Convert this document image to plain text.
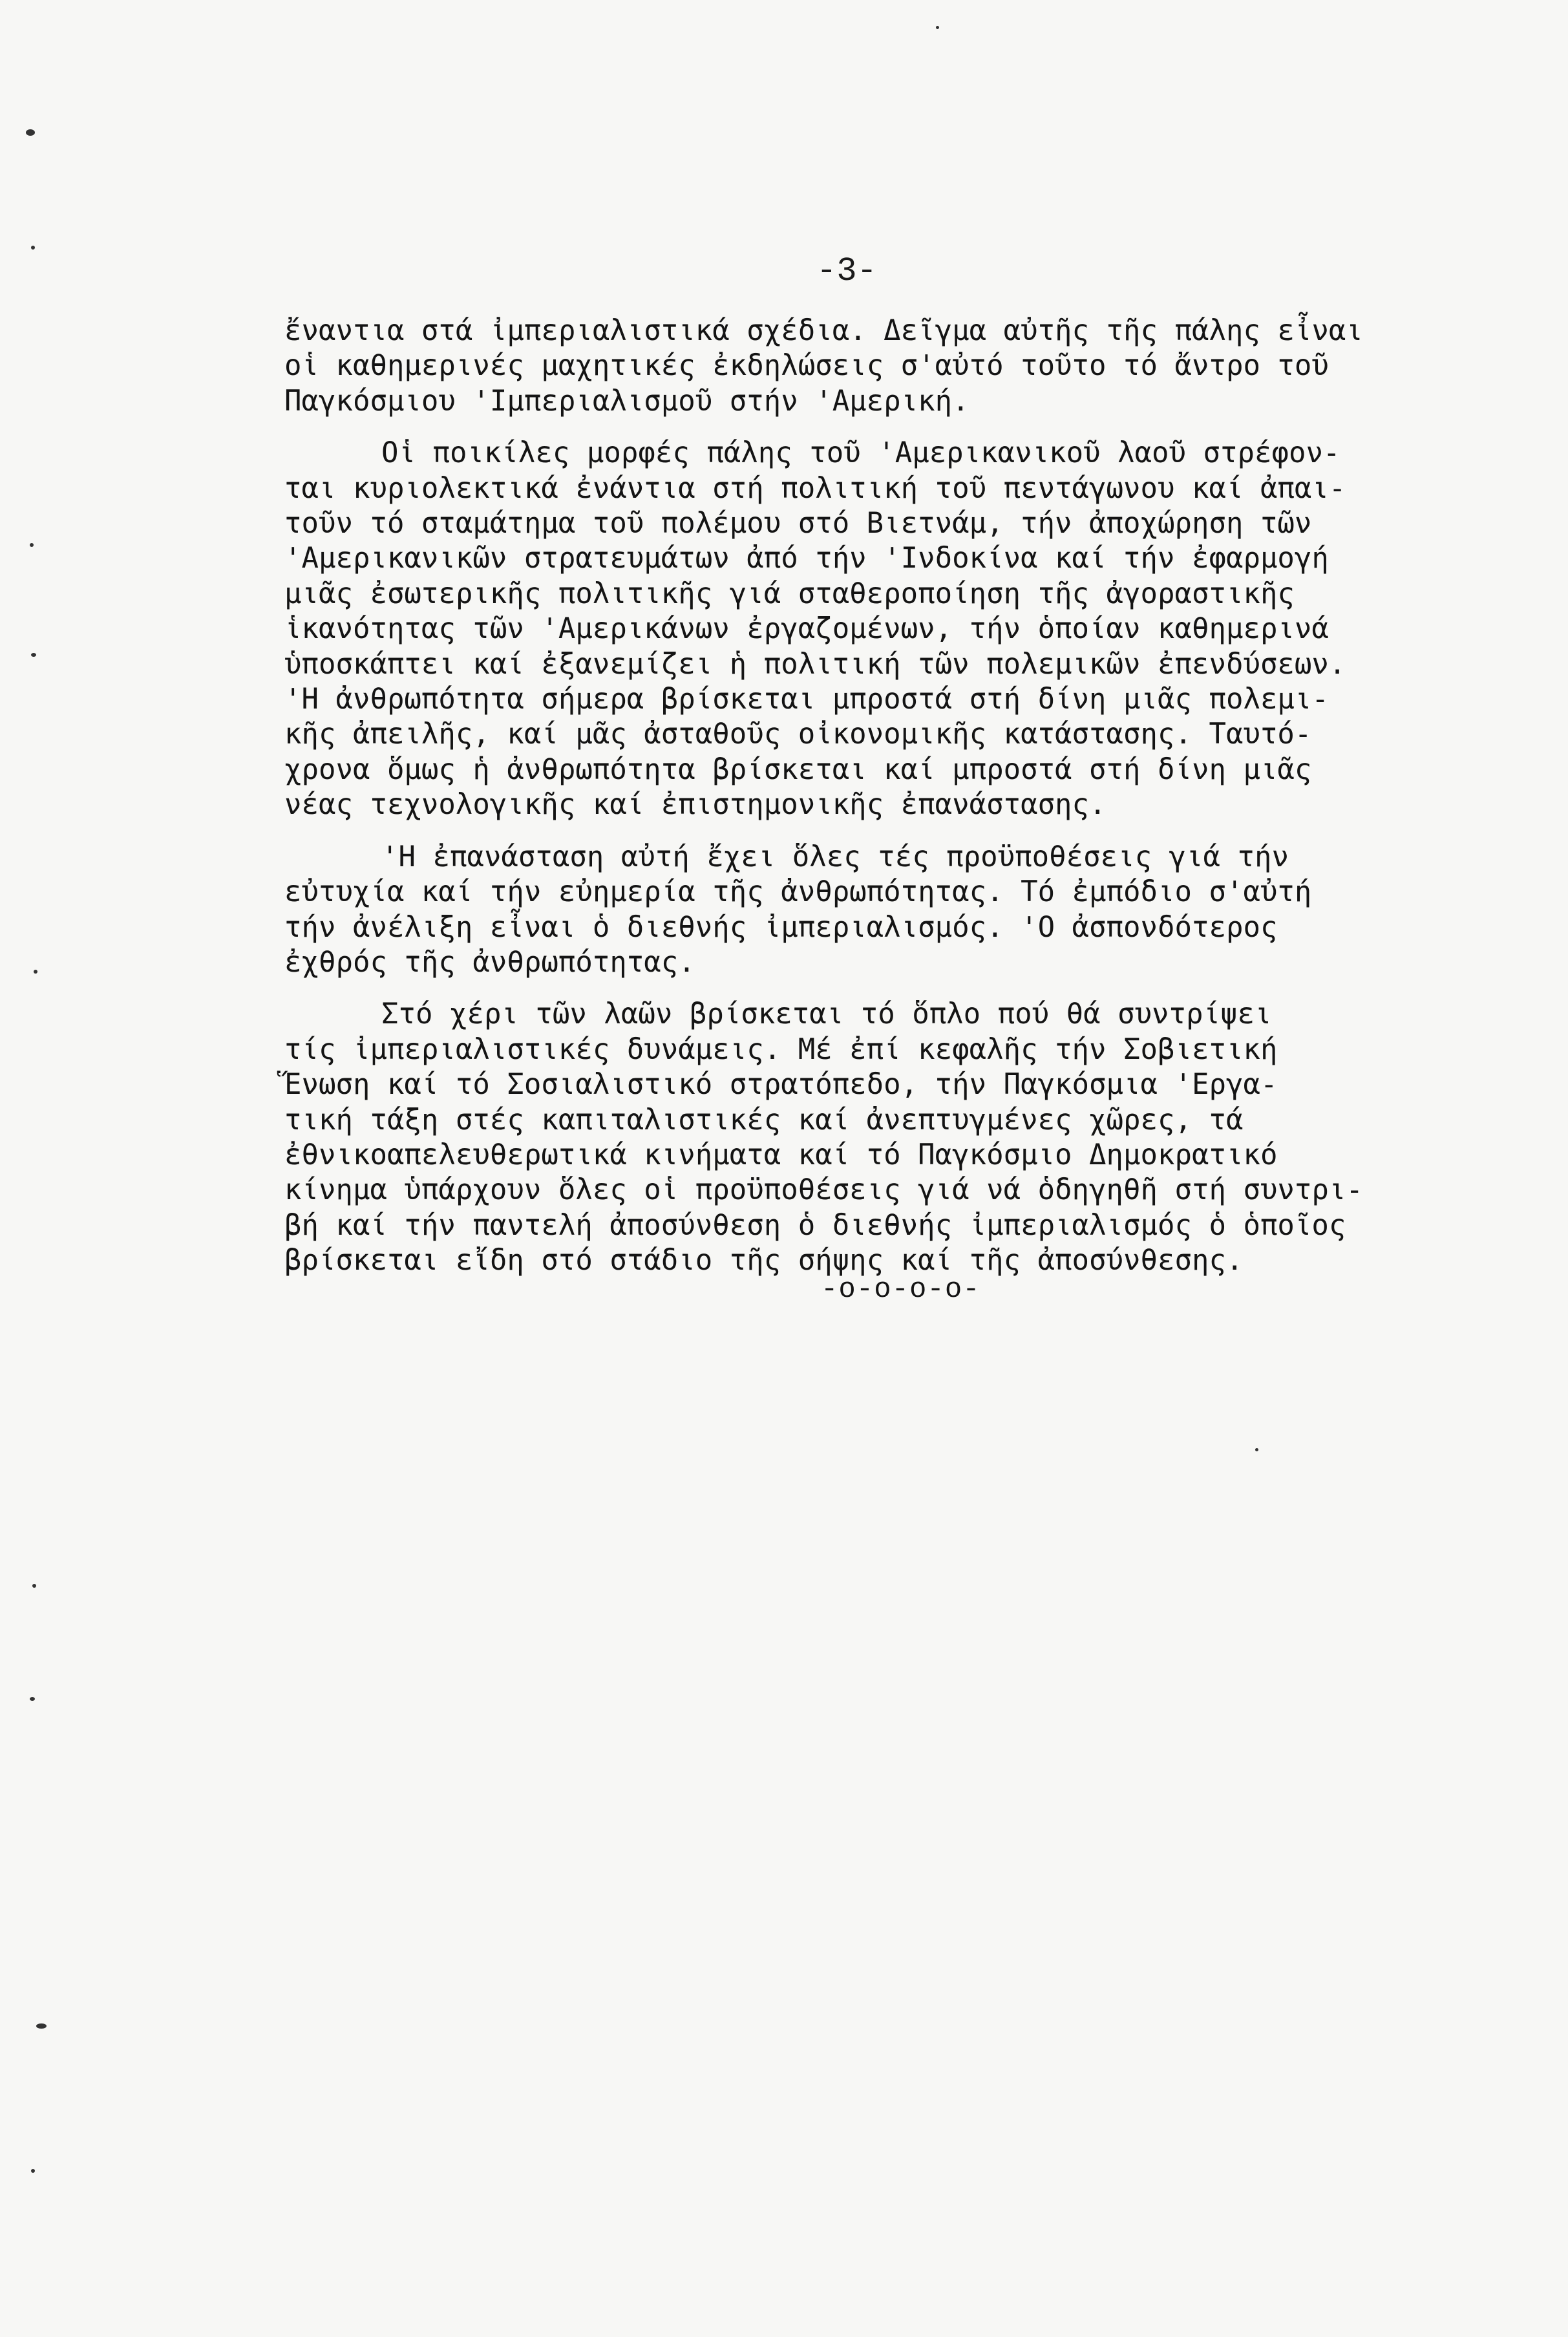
-3-
ἔναντια στά ἰμπεριαλιστικά σχέδια. Δεῖγμα αὐτῆς τῆς πάλης εἶναι
οἱ καθημερινές μαχητικές ἐκδηλώσεις σ'αὐτό τοῦτο τό ἄντρο τοῦ
Παγκόσμιου 'Ιμπεριαλισμοῦ στήν 'Αμερική.
Οἱ ποικίλες μορφές πάλης τοῦ 'Αμερικανικοῦ λαοῦ στρέφον-
ται κυριολεκτικά ἐνάντια στή πολιτική τοῦ πεντάγωνου καί ἀπαι-
τοῦν τό σταμάτημα τοῦ πολέμου στό Βιετνάμ, τήν ἀποχώρηση τῶν
'Αμερικανικῶν στρατευμάτων ἀπό τήν 'Ινδοκίνα καί τήν ἐφαρμογή
μιᾶς ἐσωτερικῆς πολιτικῆς γιά σταθεροποίηση τῆς ἀγοραστικῆς
ἱκανότητας τῶν 'Αμερικάνων ἐργαζομένων, τήν ὁποίαν καθημερινά
ὑποσκάπτει καί ἐξανεμίζει ἡ πολιτική τῶν πολεμικῶν ἐπενδύσεων.
'Η ἀνθρωπότητα σήμερα βρίσκεται μπροστά στή δίνη μιᾶς πολεμι-
κῆς ἀπειλῆς, καί μᾶς ἀσταθοῦς οἰκονομικῆς κατάστασης. Ταυτό-
χρονα ὅμως ἡ ἀνθρωπότητα βρίσκεται καί μπροστά στή δίνη μιᾶς
νέας τεχνολογικῆς καί ἐπιστημονικῆς ἐπανάστασης.
'Η ἐπανάσταση αὐτή ἔχει ὅλες τές προϋποθέσεις γιά τήν
εὐτυχία καί τήν εὐημερία τῆς ἀνθρωπότητας. Τό ἐμπόδιο σ'αὐτή
τήν ἀνέλιξη εἶναι ὁ διεθνής ἰμπεριαλισμός. 'Ο ἀσπονδότερος
ἐχθρός τῆς ἀνθρωπότητας.
Στό χέρι τῶν λαῶν βρίσκεται τό ὅπλο πού θά συντρίψει
τίς ἰμπεριαλιστικές δυνάμεις. Μέ ἐπί κεφαλῆς τήν Σοβιετική
Ἕνωση καί τό Σοσιαλιστικό στρατόπεδο, τήν Παγκόσμια 'Εργα-
τική τάξη στές καπιταλιστικές καί ἀνεπτυγμένες χῶρες, τά
ἐθνικοαπελευθερωτικά κινήματα καί τό Παγκόσμιο Δημοκρατικό
κίνημα ὑπάρχουν ὅλες οἱ προϋποθέσεις γιά νά ὁδηγηθῆ στή συντρι-
βή καί τήν παντελή ἀποσύνθεση ὁ διεθνής ἰμπεριαλισμός ὁ ὁποῖος
βρίσκεται εἴδη στό στάδιο τῆς σήψης καί τῆς ἀποσύνθεσης.
-o-o-o-o-
